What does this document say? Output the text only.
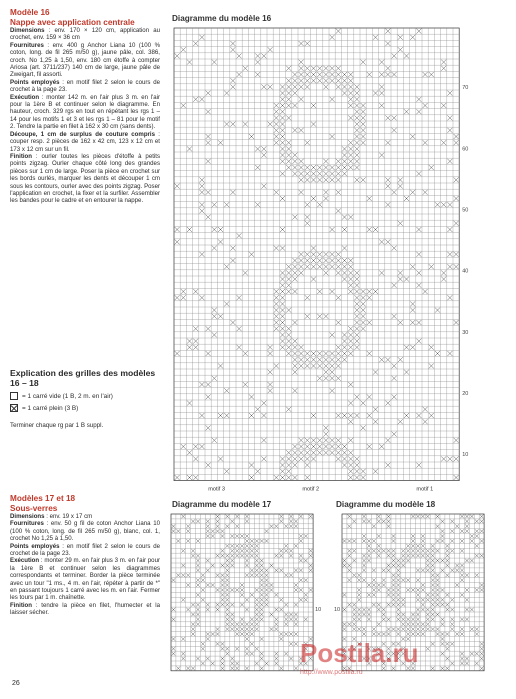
Modèle 16
Nappe avec application centrale

Dimensions : env. 170 × 120 cm, application au crochet, env. 159 × 36 cm

Fournitures : env. 400 g Anchor Liana 10 (100 % coton, long. de fil 265 m/50 g), jaune pâle, col. 386, croch. No 1,25 à 1,50, env. 180 cm étoffe à compter Ariosa (art. 3711/237) 140 cm de large, jaune pâle de Zweigart, fil assorti.

Points employés : en motif filet 2 selon le cours de crochet à la page 23.

Exécution : monter 142 m. en l'air plus 3 m. en l'air pour la 1ère B et continuer selon le diagramme. En hauteur, croch. 329 rgs en tout en répétant les rgs 1 – 14 pour les motifs 1 et 3 et les rgs 1 – 81 pour le motif 2. Tendre la partie en filet à 162 x 30 cm (sans dents).

Découpe, 1 cm de surplus de couture compris : couper resp. 2 pièces de 162 x 42 cm, 123 x 12 cm et 173 x 12 cm sur un fil.

Finition : ourler toutes les pièces d'étoffe à petits points zigzag. Ourler chaque côté long des grandes pièces sur 1 cm de large. Poser la pièce en crochet sur les bords ourlés, marquer les dents et découper 1 cm sous les contours, ourler avec des points zigzag. Poser l'application en crochet, la fixer et la surfiler. Assembler les bandes pour le cadre et en entourer la nappe.

Explication des grilles des modèles 16 – 18
= 1 carré vide (1 B, 2 m. en l'air)
= 1 carré plein (3 B)
Terminer chaque rg par 1 B suppl.
Modèles 17 et 18
Sous-verres

Dimensions : env. 19 x 17 cm

Fournitures : env. 50 g fil de coton Anchor Liana 10 (100 % coton, long. de fil 265 m/50 g), blanc, col. 1, crochet No 1,25 à 1,50.

Points employés : en motif filet 2 selon le cours de crochet de la page 23.

Exécution : monter 29 m. en l'air plus 3 m. en l'air pour la 1ère B et continuer selon les diagrammes correspondants et terminer. Border la pièce terminée avec un tour "1 ms., 4 m. en l'air, répéter à partir de *" en passant toujours 1 carré avec les m. en l'air. Fermer les tours par 1 m. chaînette.

Finition : tendre la pièce en filet, l'humecter et la laisser sécher.

Diagramme du modèle 16
Diagramme du modèle 17	Diagramme du modèle 18
70
60
50
40
30
20
10
motif 3	motif 2	motif 1
10 10
26
Postila.ru
http://www.postila.ru
